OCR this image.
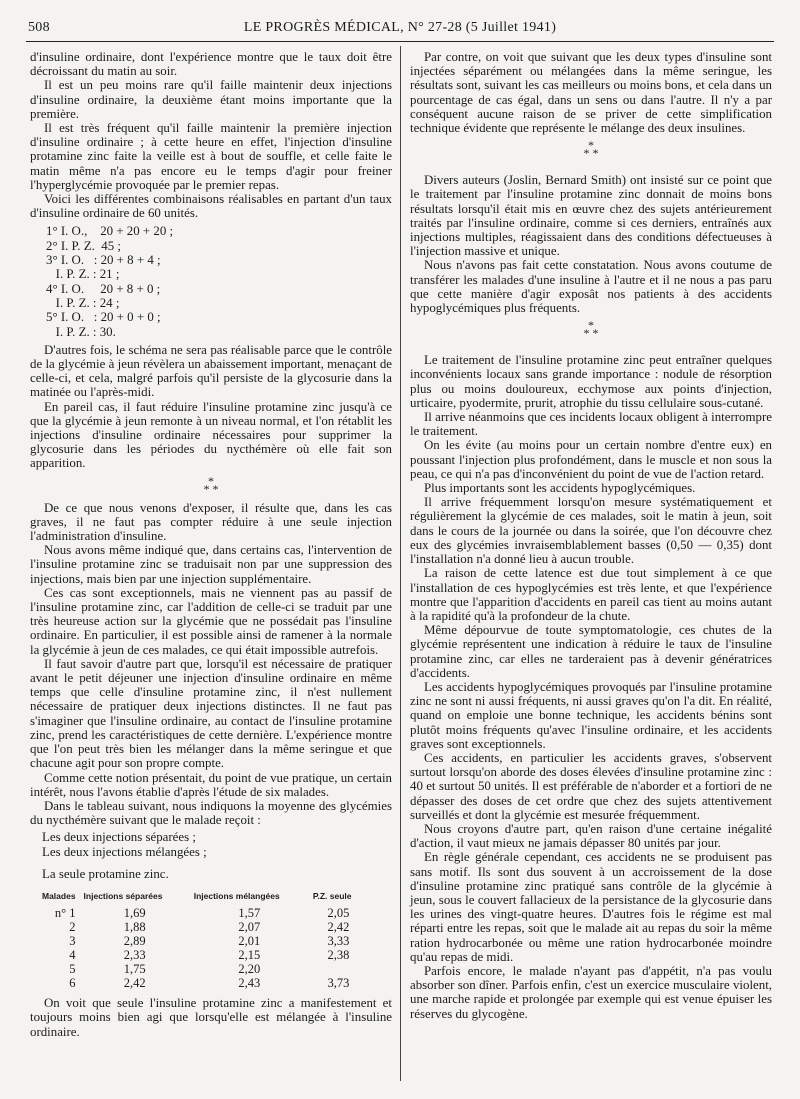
508	LE PROGRÈS MÉDICAL, N° 27-28 (5 Juillet 1941)

d'insuline ordinaire, dont l'expérience montre que le taux doit être décroissant du matin au soir.

Il est un peu moins rare qu'il faille maintenir deux injections d'insuline ordinaire, la deuxième étant moins importante que la première.

Il est très fréquent qu'il faille maintenir la première injection d'insuline ordinaire ; à cette heure en effet, l'injection d'insuline protamine zinc faite la veille est à bout de souffle, et celle faite le matin même n'a pas encore eu le temps d'agir pour freiner l'hyperglycémie provoquée par le premier repas.

Voici les différentes combinaisons réalisables en partant d'un taux d'insuline ordinaire de 60 unités.

1° I. O.,    20 + 20 + 20 ;
2° I. P. Z.  45 ;
3° I. O.   : 20 + 8 + 4 ;
I. P. Z. : 21 ;
4° I. O.     20 + 8 + 0 ;
I. P. Z. : 24 ;
5° I. O.   : 20 + 0 + 0 ;
I. P. Z. : 30.

D'autres fois, le schéma ne sera pas réalisable parce que le contrôle de la glycémie à jeun révèlera un abaissement important, menaçant de celle-ci, et cela, malgré parfois qu'il persiste de la glycosurie dans la matinée ou l'après-midi.

En pareil cas, il faut réduire l'insuline protamine zinc jusqu'à ce que la glycémie à jeun remonte à un niveau normal, et l'on rétablit les injections d'insuline ordinaire nécessaires pour supprimer la glycosurie dans les périodes du nycthémère où elle fait son apparition.

*
* *

De ce que nous venons d'exposer, il résulte que, dans les cas graves, il ne faut pas compter réduire à une seule injection l'administration d'insuline.

Nous avons même indiqué que, dans certains cas, l'intervention de l'insuline protamine zinc se traduisait non par une suppression des injections, mais bien par une injection supplémentaire.

Ces cas sont exceptionnels, mais ne viennent pas au passif de l'insuline protamine zinc, car l'addition de celle-ci se traduit par une très heureuse action sur la glycémie que ne possédait pas l'insuline ordinaire. En particulier, il est possible ainsi de ramener à la normale la glycémie à jeun de ces malades, ce qui était impossible autrefois.

Il faut savoir d'autre part que, lorsqu'il est nécessaire de pratiquer avant le petit déjeuner une injection d'insuline ordinaire en même temps que celle d'insuline protamine zinc, il n'est nullement nécessaire de pratiquer deux injections distinctes. Il ne faut pas s'imaginer que l'insuline ordinaire, au contact de l'insuline protamine zinc, prend les caractéristiques de cette dernière. L'expérience montre que l'on peut très bien les mélanger dans la même seringue et que chacune agit pour son propre compte.

Comme cette notion présentait, du point de vue pratique, un certain intérêt, nous l'avons établie d'après l'étude de six malades.

Dans le tableau suivant, nous indiquons la moyenne des glycémies du nycthémère suivant que le malade reçoit :

Les deux injections séparées ;
Les deux injections mélangées ;
La seule protamine zinc.
Malades	Injections séparées	Injections mélangées	P.Z. seule
n° 1	1,69	1,57	2,05
2	1,88	2,07	2,42
3	2,89	2,01	3,33
4	2,33	2,15	2,38
5	1,75	2,20	
6	2,42	2,43	3,73

On voit que seule l'insuline protamine zinc a manifestement et toujours moins bien agi que lorsqu'elle est mélangée à l'insuline ordinaire.

Par contre, on voit que suivant que les deux types d'insuline sont injectées séparément ou mélangées dans la même seringue, les résultats sont, suivant les cas meilleurs ou moins bons, et cela dans un pourcentage de cas égal, dans un sens ou dans l'autre. Il n'y a par conséquent aucune raison de se priver de cette simplification technique évidente que représente le mélange des deux insulines.

*
* *

Divers auteurs (Joslin, Bernard Smith) ont insisté sur ce point que le traitement par l'insuline protamine zinc donnait de moins bons résultats lorsqu'il était mis en œuvre chez des sujets antérieurement traités par l'insuline ordinaire, comme si ces derniers, entraînés aux injections multiples, réagissaient dans des conditions défectueuses à l'injection massive et unique.

Nous n'avons pas fait cette constatation. Nous avons coutume de transférer les malades d'une insuline à l'autre et il ne nous a pas paru que cette manière d'agir exposât nos patients à des accidents hypoglycémiques plus fréquents.

*
* *

Le traitement de l'insuline protamine zinc peut entraîner quelques inconvénients locaux sans grande importance : nodule de résorption plus ou moins douloureux, ecchymose aux points d'injection, urticaire, pyodermite, prurit, atrophie du tissu cellulaire sous-cutané.

Il arrive néanmoins que ces incidents locaux obligent à interrompre le traitement.

On les évite (au moins pour un certain nombre d'entre eux) en poussant l'injection plus profondément, dans le muscle et non sous la peau, ce qui n'a pas d'inconvénient du point de vue de l'action retard.

Plus importants sont les accidents hypoglycémiques.

Il arrive fréquemment lorsqu'on mesure systématiquement et régulièrement la glycémie de ces malades, soit le matin à jeun, soit dans le cours de la journée ou dans la soirée, que l'on découvre chez eux des glycémies invraisemblablement basses (0,50 — 0,35) dont l'installation n'a donné lieu à aucun trouble.

La raison de cette latence est due tout simplement à ce que l'installation de ces hypoglycémies est très lente, et que l'expérience montre que l'apparition d'accidents en pareil cas tient au moins autant à la rapidité qu'à la profondeur de la chute.

Même dépourvue de toute symptomatologie, ces chutes de la glycémie représentent une indication à réduire le taux de l'insuline protamine zinc, car elles ne tarderaient pas à devenir génératrices d'accidents.

Les accidents hypoglycémiques provoqués par l'insuline protamine zinc ne sont ni aussi fréquents, ni aussi graves qu'on l'a dit. En réalité, quand on emploie une bonne technique, les accidents bénins sont plutôt moins fréquents qu'avec l'insuline ordinaire, et les accidents graves sont exceptionnels.

Ces accidents, en particulier les accidents graves, s'observent surtout lorsqu'on aborde des doses élevées d'insuline protamine zinc : 40 et surtout 50 unités. Il est préférable de n'aborder et a fortiori de ne dépasser des doses de cet ordre que chez des sujets attentivement surveillés et dont la glycémie est mesurée fréquemment.

Nous croyons d'autre part, qu'en raison d'une certaine inégalité d'action, il vaut mieux ne jamais dépasser 80 unités par jour.

En règle générale cependant, ces accidents ne se produisent pas sans motif. Ils sont dus souvent à un accroissement de la dose d'insuline protamine zinc pratiqué sans contrôle de la glycémie à jeun, sous le couvert fallacieux de la persistance de la glycosurie dans les urines des vingt-quatre heures. D'autres fois le régime est mal réparti entre les repas, soit que le malade ait au repas du soir la même ration hydrocarbonée ou même une ration hydrocarbonée moindre qu'au repas de midi.

Parfois encore, le malade n'ayant pas d'appétit, n'a pas voulu absorber son dîner. Parfois enfin, c'est un exercice musculaire violent, une marche rapide et prolongée par exemple qui est venue épuiser les réserves du glycogène.
